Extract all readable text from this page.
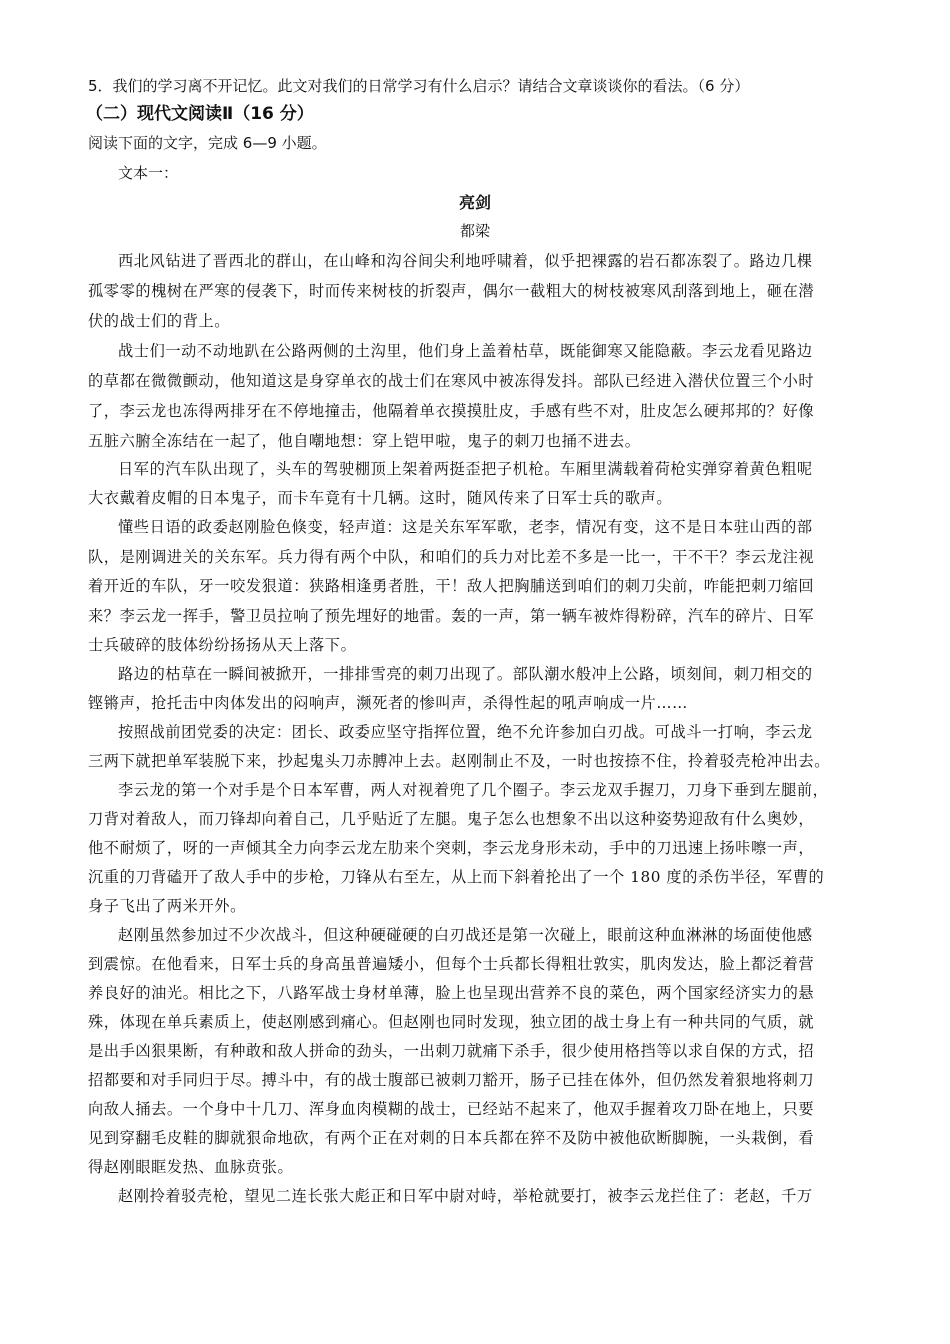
5．我们的学习离不开记忆。此文对我们的日常学习有什么启示？请结合文章谈谈你的看法。（6 分）
（二）现代文阅读Ⅱ（16 分）
阅读下面的文字，完成 6—9 小题。
文本一：
亮剑
都梁
西北风钻进了晋西北的群山，在山峰和沟谷间尖利地呼啸着，似乎把裸露的岩石都冻裂了。路边几棵
孤零零的槐树在严寒的侵袭下，时而传来树枝的折裂声，偶尔一截粗大的树枝被寒风刮落到地上，砸在潜
伏的战士们的背上。
战士们一动不动地趴在公路两侧的土沟里，他们身上盖着枯草，既能御寒又能隐蔽。李云龙看见路边
的草都在微微颤动，他知道这是身穿单衣的战士们在寒风中被冻得发抖。部队已经进入潜伏位置三个小时
了，李云龙也冻得两排牙在不停地撞击，他隔着单衣摸摸肚皮，手感有些不对，肚皮怎么硬邦邦的？好像
五脏六腑全冻结在一起了，他自嘲地想：穿上铠甲啦，鬼子的刺刀也捅不进去。
日军的汽车队出现了，头车的驾驶棚顶上架着两挺歪把子机枪。车厢里满载着荷枪实弹穿着黄色粗呢
大衣戴着皮帽的日本鬼子，而卡车竟有十几辆。这时，随风传来了日军士兵的歌声。
懂些日语的政委赵刚脸色倏变，轻声道：这是关东军军歌，老李，情况有变，这不是日本驻山西的部
队，是刚调进关的关东军。兵力得有两个中队，和咱们的兵力对比差不多是一比一，干不干？李云龙注视
着开近的车队，牙一咬发狠道：狭路相逢勇者胜，干！敌人把胸脯送到咱们的刺刀尖前，咋能把刺刀缩回
来？李云龙一挥手，警卫员拉响了预先埋好的地雷。轰的一声，第一辆车被炸得粉碎，汽车的碎片、日军
士兵破碎的肢体纷纷扬扬从天上落下。
路边的枯草在一瞬间被掀开，一排排雪亮的刺刀出现了。部队潮水般冲上公路，顷刻间，刺刀相交的
铿锵声，抢托击中肉体发出的闷响声，濒死者的惨叫声，杀得性起的吼声响成一片……
按照战前团党委的决定：团长、政委应坚守指挥位置，绝不允许参加白刃战。可战斗一打响，李云龙
三两下就把单军装脱下来，抄起鬼头刀赤膊冲上去。赵刚制止不及，一时也按捺不住，拎着驳壳枪冲出去。
李云龙的第一个对手是个日本军曹，两人对视着兜了几个圈子。李云龙双手握刀，刀身下垂到左腿前，
刀背对着敌人，而刀锋却向着自己，几乎贴近了左腿。鬼子怎么也想象不出以这种姿势迎敌有什么奥妙，
他不耐烦了，呀的一声倾其全力向李云龙左肋来个突刺，李云龙身形未动，手中的刀迅速上扬咔嚓一声，
沉重的刀背磕开了敌人手中的步枪，刀锋从右至左，从上而下斜着抡出了一个 180 度的杀伤半径，军曹的
身子飞出了两米开外。
赵刚虽然参加过不少次战斗，但这种硬碰硬的白刃战还是第一次碰上，眼前这种血淋淋的场面使他感
到震惊。在他看来，日军士兵的身高虽普遍矮小，但每个士兵都长得粗壮敦实，肌肉发达，脸上都泛着营
养良好的油光。相比之下，八路军战士身材单薄，脸上也呈现出营养不良的菜色，两个国家经济实力的悬
殊，体现在单兵素质上，使赵刚感到痛心。但赵刚也同时发现，独立团的战士身上有一种共同的气质，就
是出手凶狠果断，有种敢和敌人拼命的劲头，一出刺刀就痛下杀手，很少使用格挡等以求自保的方式，招
招都要和对手同归于尽。搏斗中，有的战士腹部已被刺刀豁开，肠子已挂在体外，但仍然发着狠地将刺刀
向敌人捅去。一个身中十几刀、浑身血肉模糊的战士，已经站不起来了，他双手握着攻刀卧在地上，只要
见到穿翻毛皮鞋的脚就狠命地砍，有两个正在对刺的日本兵都在猝不及防中被他砍断脚腕，一头栽倒，看
得赵刚眼眶发热、血脉贲张。
赵刚拎着驳壳枪，望见二连长张大彪正和日军中尉对峙，举枪就要打，被李云龙拦住了：老赵，千万
